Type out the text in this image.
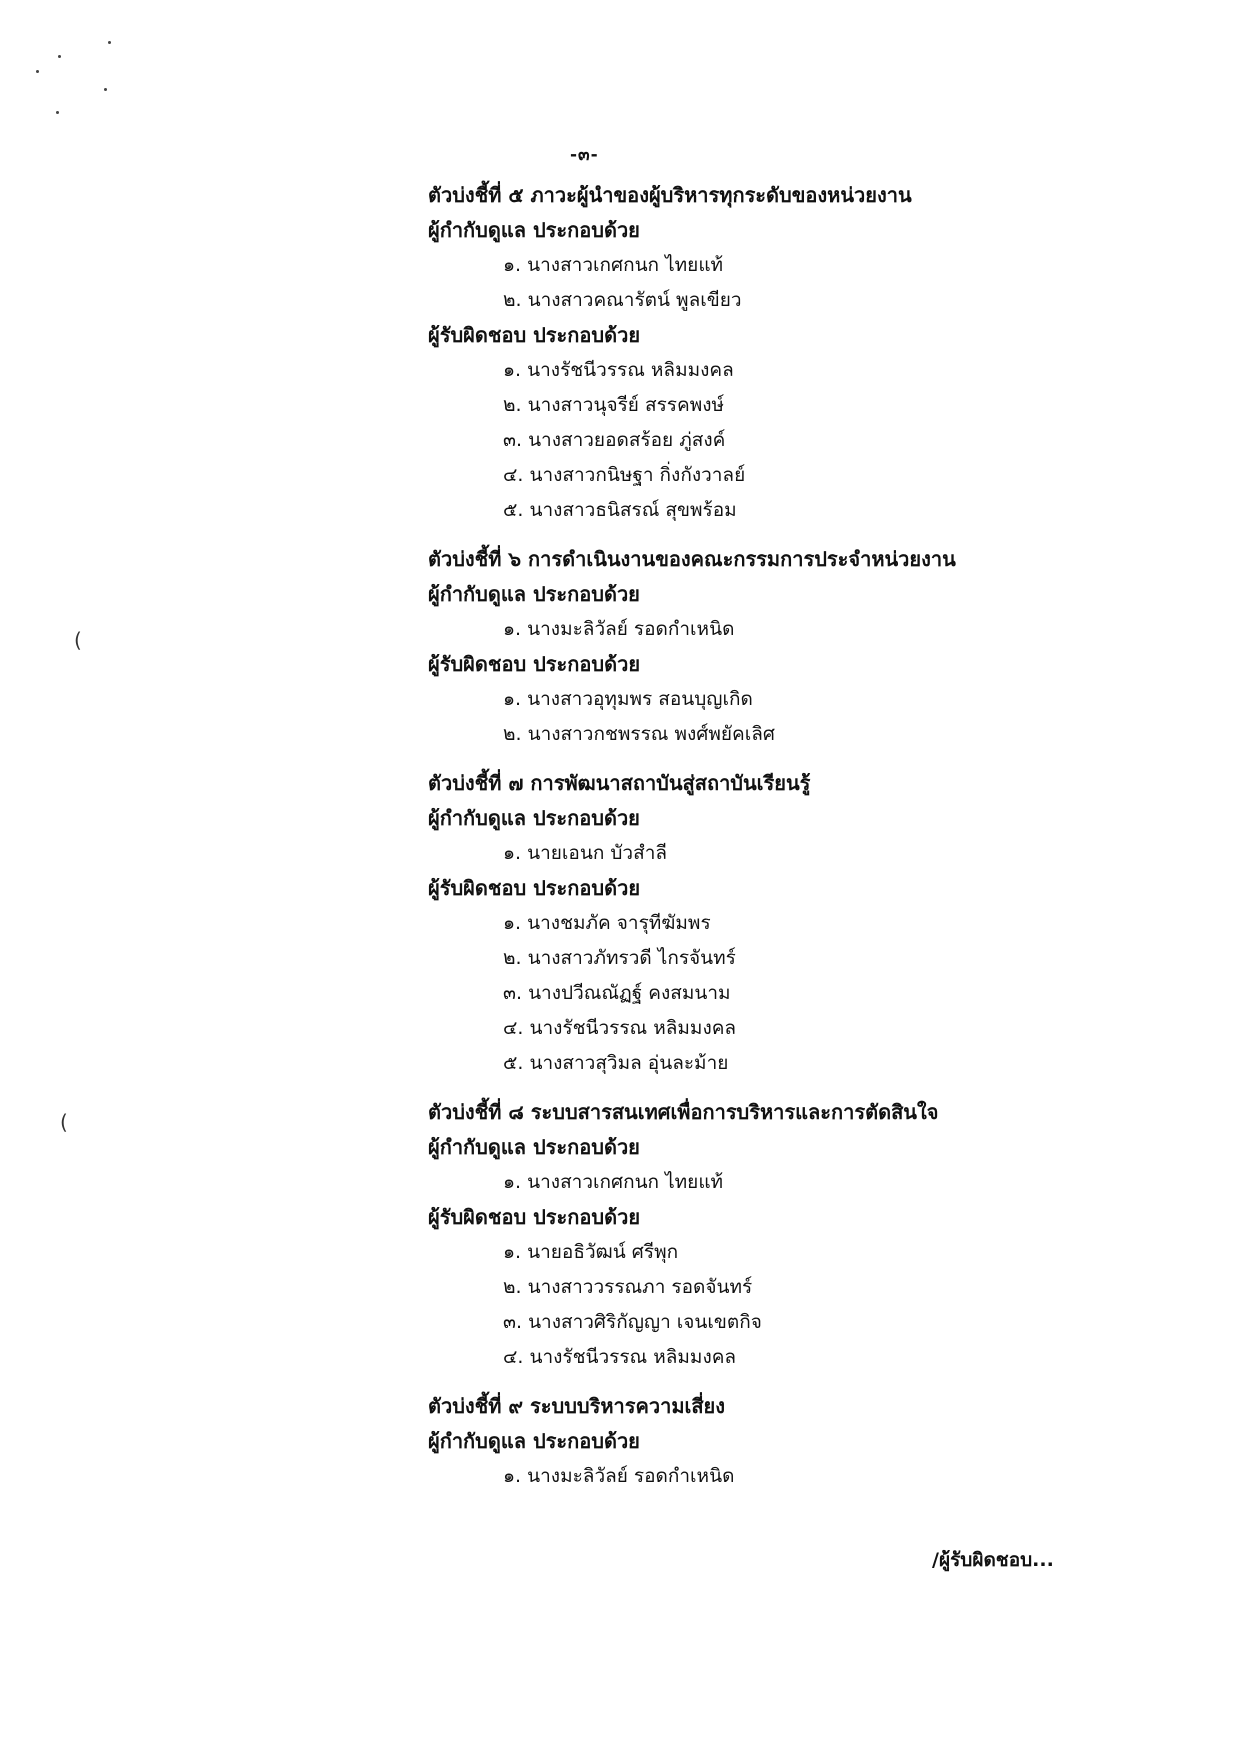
(
(
-๓-
ตัวบ่งชี้ที่ ๕ ภาวะผู้นำของผู้บริหารทุกระดับของหน่วยงาน
ผู้กำกับดูแล ประกอบด้วย
๑. นางสาวเกศกนก ไทยแท้
๒. นางสาวคณารัตน์ พูลเขียว
ผู้รับผิดชอบ ประกอบด้วย
๑. นางรัชนีวรรณ หลิมมงคล
๒. นางสาวนุจรีย์ สรรคพงษ์
๓. นางสาวยอดสร้อย ภู่สงค์
๔. นางสาวกนิษฐา กิ่งกังวาลย์
๕. นางสาวธนิสรณ์ สุขพร้อม
ตัวบ่งชี้ที่ ๖ การดำเนินงานของคณะกรรมการประจำหน่วยงาน
ผู้กำกับดูแล ประกอบด้วย
๑. นางมะลิวัลย์ รอดกำเหนิด
ผู้รับผิดชอบ ประกอบด้วย
๑. นางสาวอุทุมพร สอนบุญเกิด
๒. นางสาวกชพรรณ พงศ์พยัคเลิศ
ตัวบ่งชี้ที่ ๗ การพัฒนาสถาบันสู่สถาบันเรียนรู้
ผู้กำกับดูแล ประกอบด้วย
๑. นายเอนก บัวสำลี
ผู้รับผิดชอบ ประกอบด้วย
๑. นางชมภัค จารุทีฆัมพร
๒. นางสาวภัทรวดี ไกรจันทร์
๓. นางปวีณณัฏฐ์ คงสมนาม
๔. นางรัชนีวรรณ หลิมมงคล
๕. นางสาวสุวิมล อุ่นละม้าย
ตัวบ่งชี้ที่ ๘ ระบบสารสนเทศเพื่อการบริหารและการตัดสินใจ
ผู้กำกับดูแล ประกอบด้วย
๑. นางสาวเกศกนก ไทยแท้
ผู้รับผิดชอบ ประกอบด้วย
๑. นายอธิวัฒน์ ศรีพุก
๒. นางสาววรรณภา รอดจันทร์
๓. นางสาวศิริกัญญา เจนเขตกิจ
๔. นางรัชนีวรรณ หลิมมงคล
ตัวบ่งชี้ที่ ๙ ระบบบริหารความเสี่ยง
ผู้กำกับดูแล ประกอบด้วย
๑. นางมะลิวัลย์ รอดกำเหนิด
/ผู้รับผิดชอบ...
